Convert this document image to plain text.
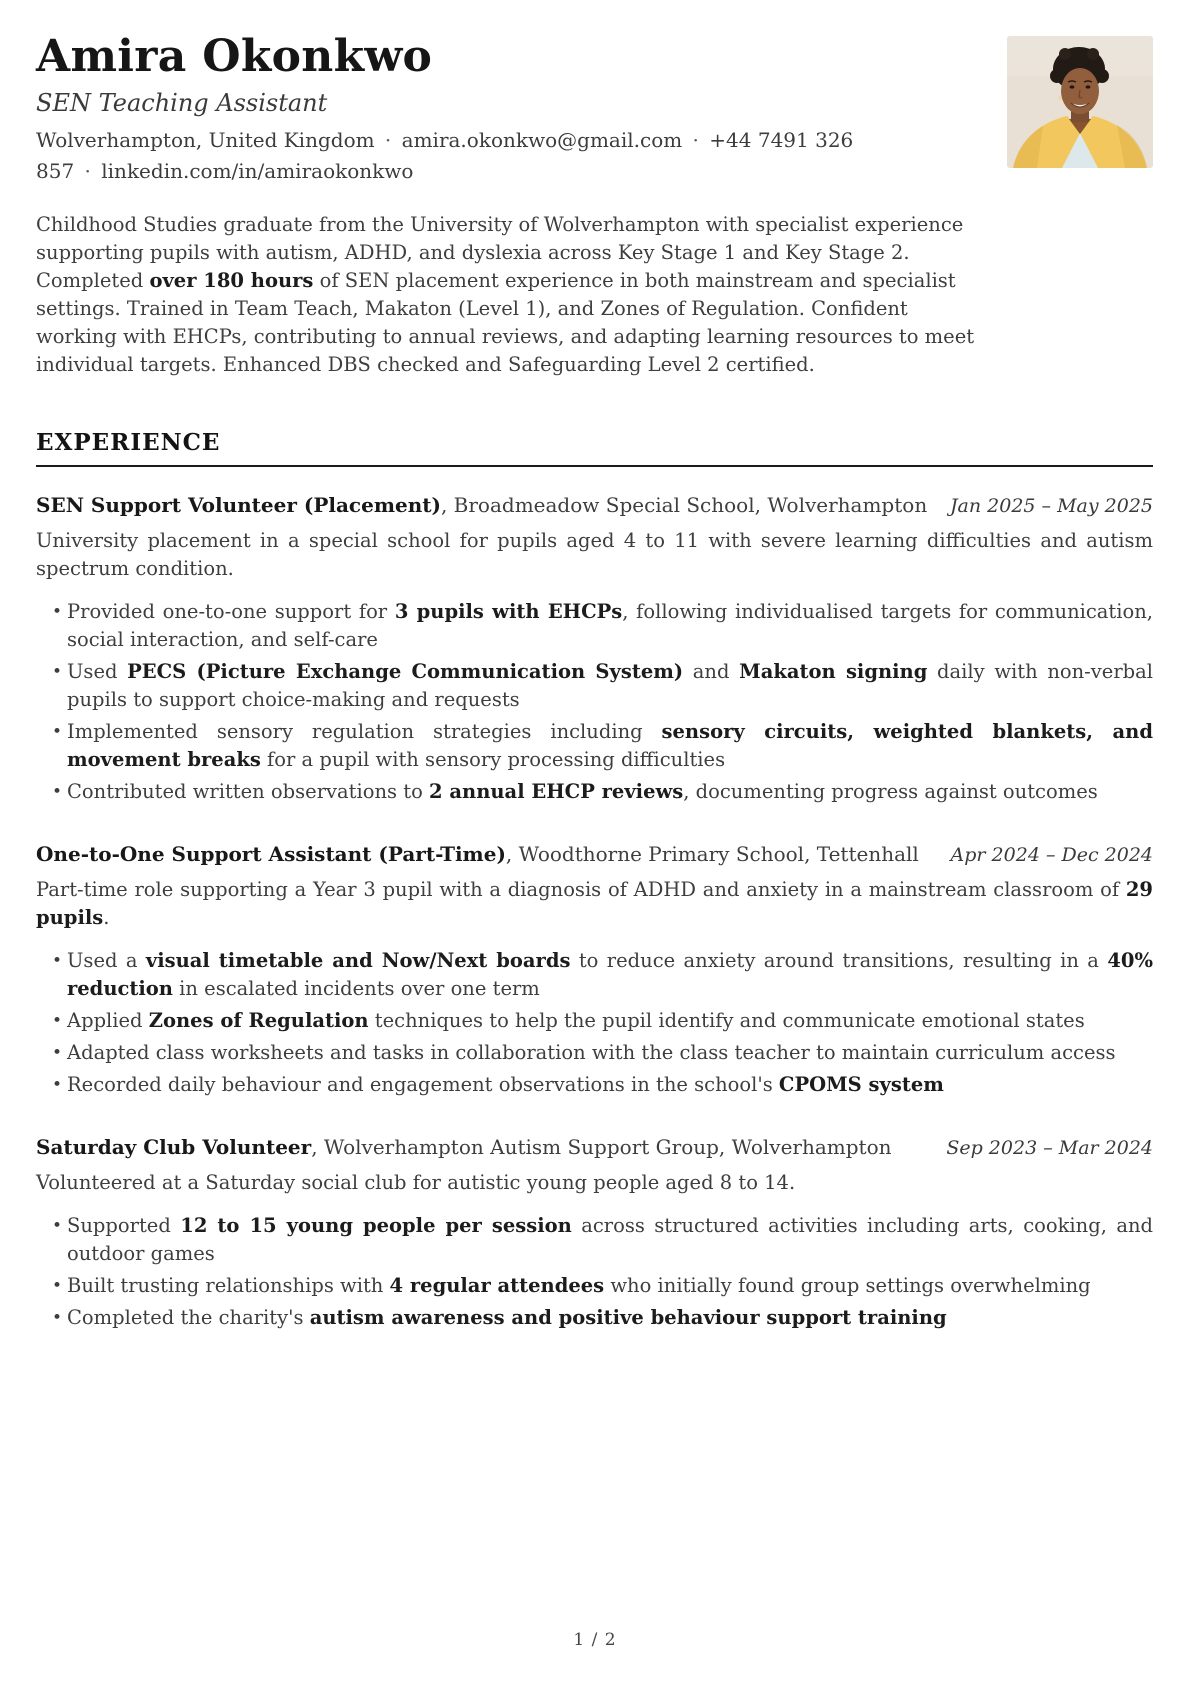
Amira Okonkwo
SEN Teaching Assistant

Wolverhampton, United Kingdom · amira.okonkwo@gmail.com · +44 7491 326 857 · linkedin.com/in/amiraokonkwo

Childhood Studies graduate from the University of Wolverhampton with specialist experience supporting pupils with autism, ADHD, and dyslexia across Key Stage 1 and Key Stage 2. Completed over 180 hours of SEN placement experience in both mainstream and specialist settings. Trained in Team Teach, Makaton (Level 1), and Zones of Regulation. Confident working with EHCPs, contributing to annual reviews, and adapting learning resources to meet individual targets. Enhanced DBS checked and Safeguarding Level 2 certified.

EXPERIENCE
SEN Support Volunteer (Placement), Broadmeadow Special School, Wolverhampton Jan 2025 – May 2025

University placement in a special school for pupils aged 4 to 11 with severe learning difficulties and autism spectrum condition.

• Provided one-to-one support for 3 pupils with EHCPs, following individualised targets for communication, social interaction, and self-care
• Used PECS (Picture Exchange Communication System) and Makaton signing daily with non-verbal pupils to support choice-making and requests
• Implemented sensory regulation strategies including sensory circuits, weighted blankets, and movement breaks for a pupil with sensory processing difficulties
• Contributed written observations to 2 annual EHCP reviews, documenting progress against outcomes
One-to-One Support Assistant (Part-Time), Woodthorne Primary School, Tettenhall Apr 2024 – Dec 2024

Part-time role supporting a Year 3 pupil with a diagnosis of ADHD and anxiety in a mainstream classroom of 29 pupils.

• Used a visual timetable and Now/Next boards to reduce anxiety around transitions, resulting in a 40% reduction in escalated incidents over one term
• Applied Zones of Regulation techniques to help the pupil identify and communicate emotional states
• Adapted class worksheets and tasks in collaboration with the class teacher to maintain curriculum access
• Recorded daily behaviour and engagement observations in the school's CPOMS system
Saturday Club Volunteer, Wolverhampton Autism Support Group, Wolverhampton	Sep 2023 – Mar 2024

Volunteered at a Saturday social club for autistic young people aged 8 to 14.

• Supported 12 to 15 young people per session across structured activities including arts, cooking, and outdoor games
• Built trusting relationships with 4 regular attendees who initially found group settings overwhelming
• Completed the charity's autism awareness and positive behaviour support training
1 / 2
